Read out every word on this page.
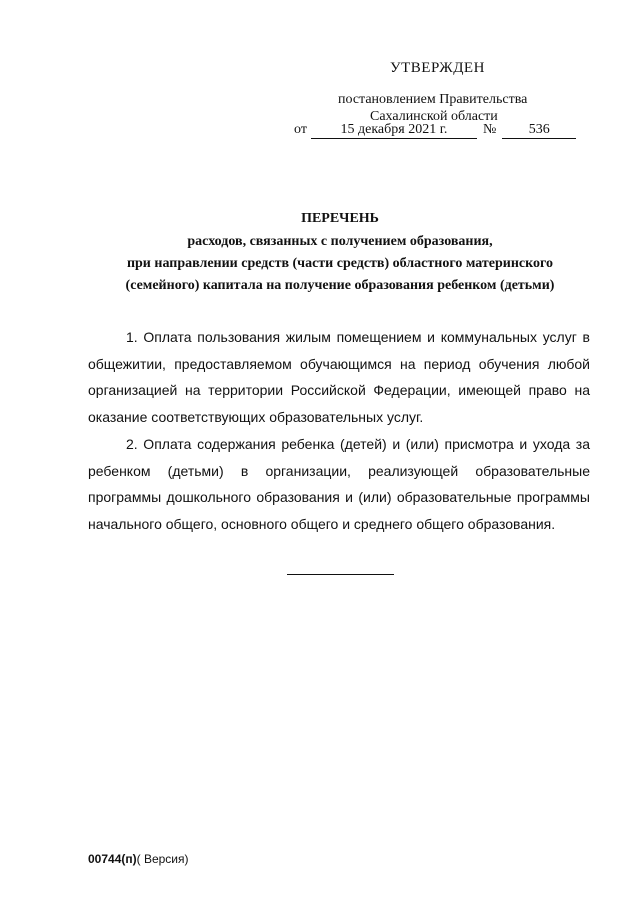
УТВЕРЖДЕН
постановлением Правительства
Сахалинской области
от 15 декабря 2021 г.	№ 536
ПЕРЕЧЕНЬ
расходов, связанных с получением образования,
при направлении средств (части средств) областного материнского
(семейного) капитала на получение образования ребенком (детьми)

1. Оплата пользования жилым помещением и коммунальных услуг в общежитии, предоставляемом обучающимся на период обучения любой организацией на территории Российской Федерации, имеющей право на оказание соответствующих образовательных услуг.

2. Оплата содержания ребенка (детей) и (или) присмотра и ухода за ребенком (детьми) в организации, реализующей образовательные программы дошкольного образования и (или) образовательные программы начального общего, основного общего и среднего общего образования.

00744(п)( Версия)
